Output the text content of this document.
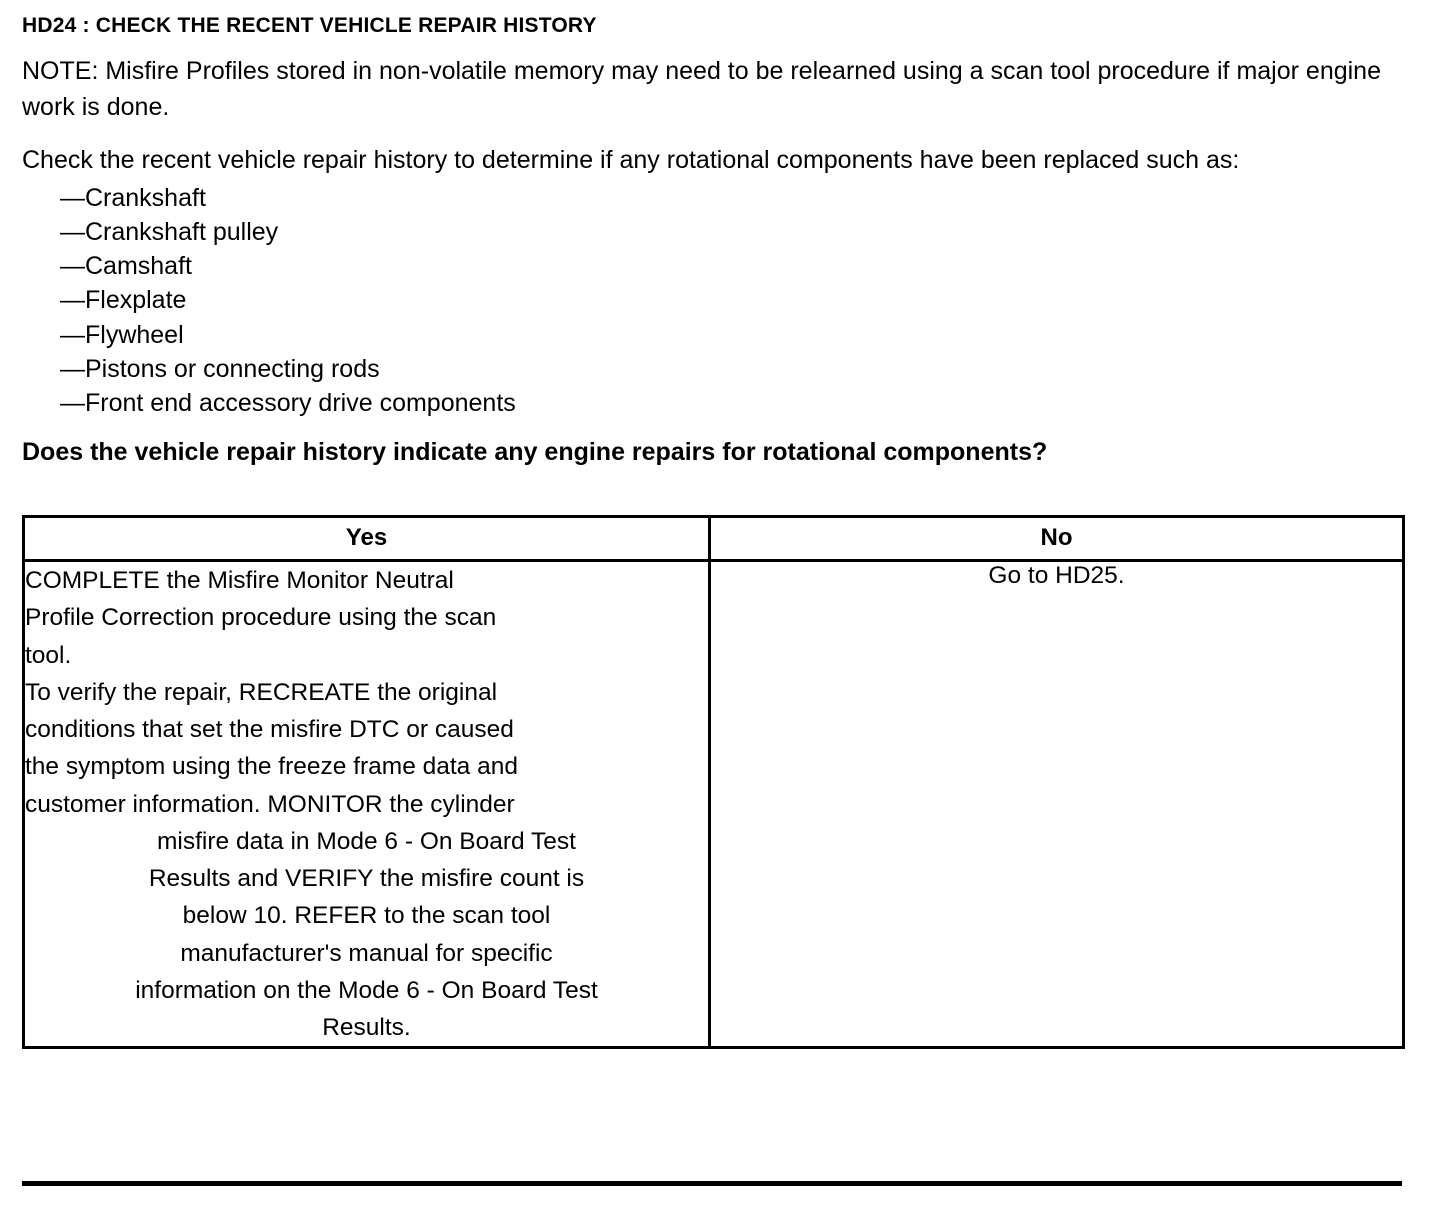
HD24 : CHECK THE RECENT VEHICLE REPAIR HISTORY

NOTE: Misfire Profiles stored in non-volatile memory may need to be relearned using a scan tool procedure if major engine work is done.

Check the recent vehicle repair history to determine if any rotational components have been replaced such as:

—Crankshaft
—Crankshaft pulley
—Camshaft
—Flexplate
—Flywheel
—Pistons or connecting rods
—Front end accessory drive components

Does the vehicle repair history indicate any engine repairs for rotational components?

Yes	No

COMPLETE the Misfire Monitor Neutral
Profile Correction procedure using the scan
tool.
To verify the repair, RECREATE the original
conditions that set the misfire DTC or caused
the symptom using the freeze frame data and
customer information. MONITOR the cylinder
misfire data in Mode 6 - On Board Test
Results and VERIFY the misfire count is
below 10. REFER to the scan tool
manufacturer's manual for specific
information on the Mode 6 - On Board Test
Results.
	Go to HD25.
